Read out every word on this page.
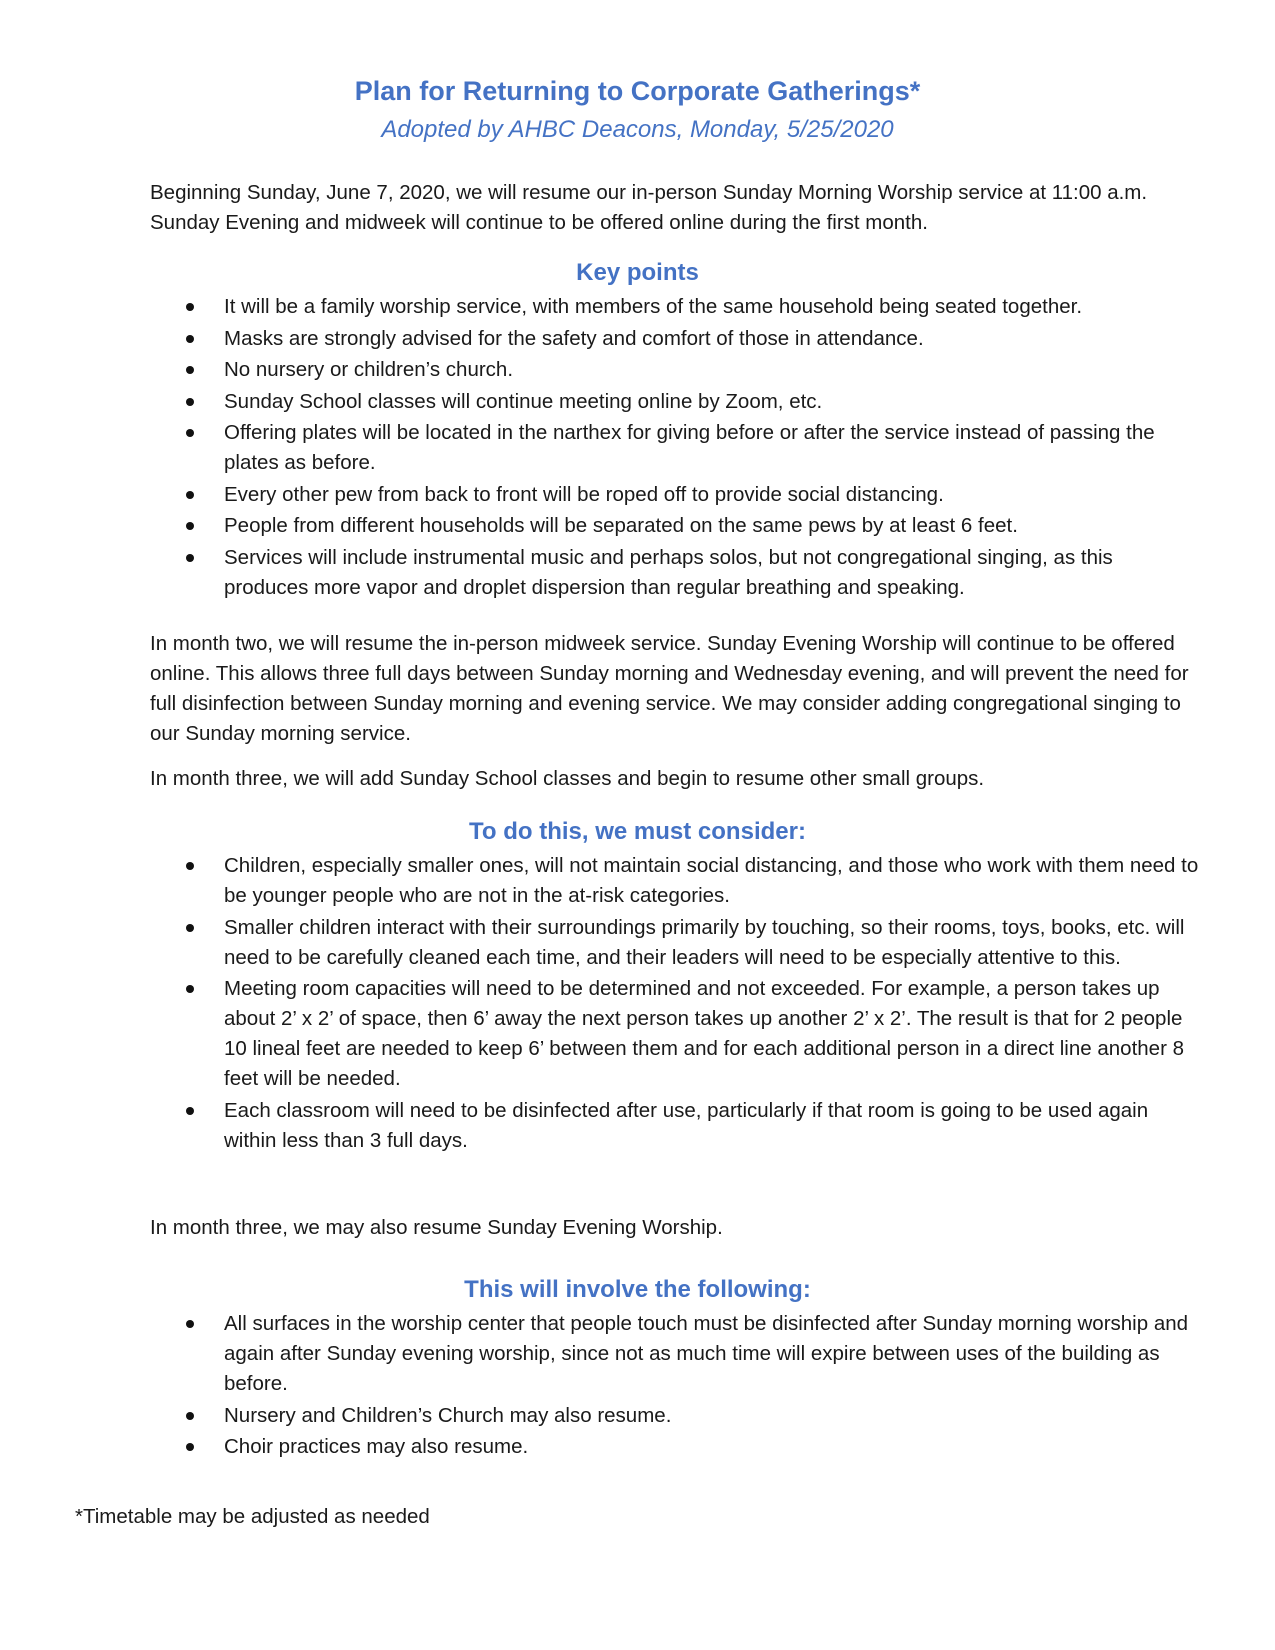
Plan for Returning to Corporate Gatherings*
Adopted by AHBC Deacons, Monday, 5/25/2020
Beginning Sunday, June 7, 2020, we will resume our in-person Sunday Morning Worship service at 11:00 a.m. Sunday Evening and midweek will continue to be offered online during the first month.
Key points
It will be a family worship service, with members of the same household being seated together.
Masks are strongly advised for the safety and comfort of those in attendance.
No nursery or children’s church.
Sunday School classes will continue meeting online by Zoom, etc.
Offering plates will be located in the narthex for giving before or after the service instead of passing the plates as before.
Every other pew from back to front will be roped off to provide social distancing.
People from different households will be separated on the same pews by at least 6 feet.
Services will include instrumental music and perhaps solos, but not congregational singing, as this produces more vapor and droplet dispersion than regular breathing and speaking.
In month two, we will resume the in-person midweek service. Sunday Evening Worship will continue to be offered online. This allows three full days between Sunday morning and Wednesday evening, and will prevent the need for full disinfection between Sunday morning and evening service. We may consider adding congregational singing to our Sunday morning service.
In month three, we will add Sunday School classes and begin to resume other small groups.
To do this, we must consider:
Children, especially smaller ones, will not maintain social distancing, and those who work with them need to be younger people who are not in the at-risk categories.
Smaller children interact with their surroundings primarily by touching, so their rooms, toys, books, etc. will need to be carefully cleaned each time, and their leaders will need to be especially attentive to this.
Meeting room capacities will need to be determined and not exceeded. For example, a person takes up about 2’ x 2’ of space, then 6’ away the next person takes up another 2’ x 2’. The result is that for 2 people 10 lineal feet are needed to keep 6’ between them and for each additional person in a direct line another 8 feet will be needed.
Each classroom will need to be disinfected after use, particularly if that room is going to be used again within less than 3 full days.
In month three, we may also resume Sunday Evening Worship.
This will involve the following:
All surfaces in the worship center that people touch must be disinfected after Sunday morning worship and again after Sunday evening worship, since not as much time will expire between uses of the building as before.
Nursery and Children’s Church may also resume.
Choir practices may also resume.
*Timetable may be adjusted as needed
